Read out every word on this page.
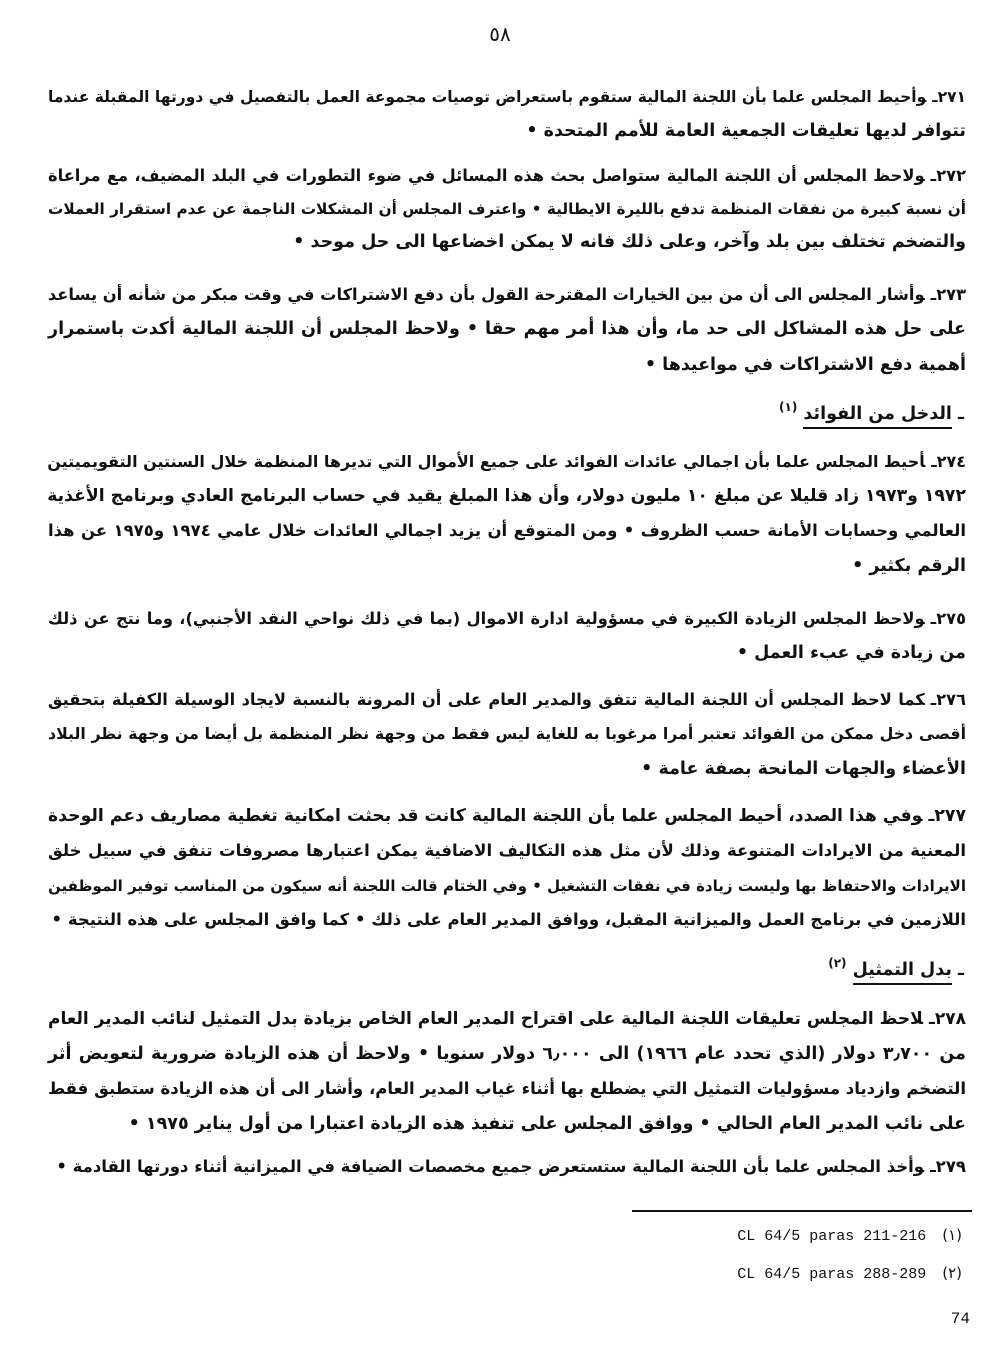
٥٨
٢٧١ـوأحيط المجلس علما بأن اللجنة المالية ستقوم باستعراض توصيات مجموعة العمل بالتفصيل في دورتها المقبلة عندما
تتوافر لديها تعليقات الجمعية العامة للأمم المتحدة •
٢٧٢ـولاحظ المجلس أن اللجنة المالية ستواصل بحث هذه المسائل في ضوء التطورات في البلد المضيف، مع مراعاة
أن نسبة كبيرة من نفقات المنظمة تدفع بالليرة الايطالية • واعترف المجلس أن المشكلات الناجمة عن عدم استقرار العملات
والتضخم تختلف بين بلد وآخر، وعلى ذلك فانه لا يمكن اخضاعها الى حل موحد •
٢٧٣ـوأشار المجلس الى أن من بين الخيارات المقترحة القول بأن دفع الاشتراكات في وقت مبكر من شأنه أن يساعد
على حل هذه المشاكل الى حد ما، وأن هذا أمر مهم حقا • ولاحظ المجلس أن اللجنة المالية أكدت باستمرار
أهمية دفع الاشتراكات في مواعيدها •
ـ الدخل من الفوائد $^{(١)}$
٢٧٤ـأحيط المجلس علما بأن اجمالي عائدات الفوائد على جميع الأموال التي تديرها المنظمة خلال السنتين التقويميتين
١٩٧٢ و١٩٧٣ زاد قليلا عن مبلغ ١٠ مليون دولار، وأن هذا المبلغ يقيد في حساب البرنامج العادي وبرنامج الأغذية
العالمي وحسابات الأمانة حسب الظروف • ومن المتوقع أن يزيد اجمالي العائدات خلال عامي ١٩٧٤ و١٩٧٥ عن هذا
الرقم بكثير •
٢٧٥ـولاحظ المجلس الزيادة الكبيرة في مسؤولية ادارة الاموال (بما في ذلك نواحي النقد الأجنبي)، وما نتج عن ذلك
من زيادة في عبء العمل •
٢٧٦ـكما لاحظ المجلس أن اللجنة المالية تتفق والمدير العام على أن المرونة بالنسبة لايجاد الوسيلة الكفيلة بتحقيق
أقصى دخل ممكن من الفوائد تعتبر أمرا مرغوبا به للغاية ليس فقط من وجهة نظر المنظمة بل أيضا من وجهة نظر البلاد
الأعضاء والجهات المانحة بصفة عامة •
٢٧٧ـوفي هذا الصدد، أحيط المجلس علما بأن اللجنة المالية كانت قد بحثت امكانية تغطية مصاريف دعم الوحدة
المعنية من الايرادات المتنوعة وذلك لأن مثل هذه التكاليف الاضافية يمكن اعتبارها مصروفات تنفق في سبيل خلق
الايرادات والاحتفاظ بها وليست زيادة في نفقات التشغيل • وفي الختام قالت اللجنة أنه سيكون من المناسب توفير الموظفين
اللازمين في برنامج العمل والميزانية المقبل، ووافق المدير العام على ذلك • كما وافق المجلس على هذه النتيجة •
ـ بدل التمثيل $^{(٢)}$
٢٧٨ـلاحظ المجلس تعليقات اللجنة المالية على اقتراح المدير العام الخاص بزيادة بدل التمثيل لنائب المدير العام
من ٣٫٧٠٠ دولار (الذي تحدد عام ١٩٦٦) الى ٦٫٠٠٠ دولار سنويا • ولاحظ أن هذه الزيادة ضرورية لتعويض أثر
التضخم وازدياد مسؤوليات التمثيل التي يضطلع بها أثناء غياب المدير العام، وأشار الى أن هذه الزيادة ستطبق فقط
على نائب المدير العام الحالي • ووافق المجلس على تنفيذ هذه الزيادة اعتبارا من أول يناير ١٩٧٥ •
٢٧٩ـوأخذ المجلس علما بأن اللجنة المالية ستستعرض جميع مخصصات الضيافة في الميزانية أثناء دورتها القادمة •
CL 64/5 paras 211-216 (١)
CL 64/5 paras 288-289 (٢)
74
